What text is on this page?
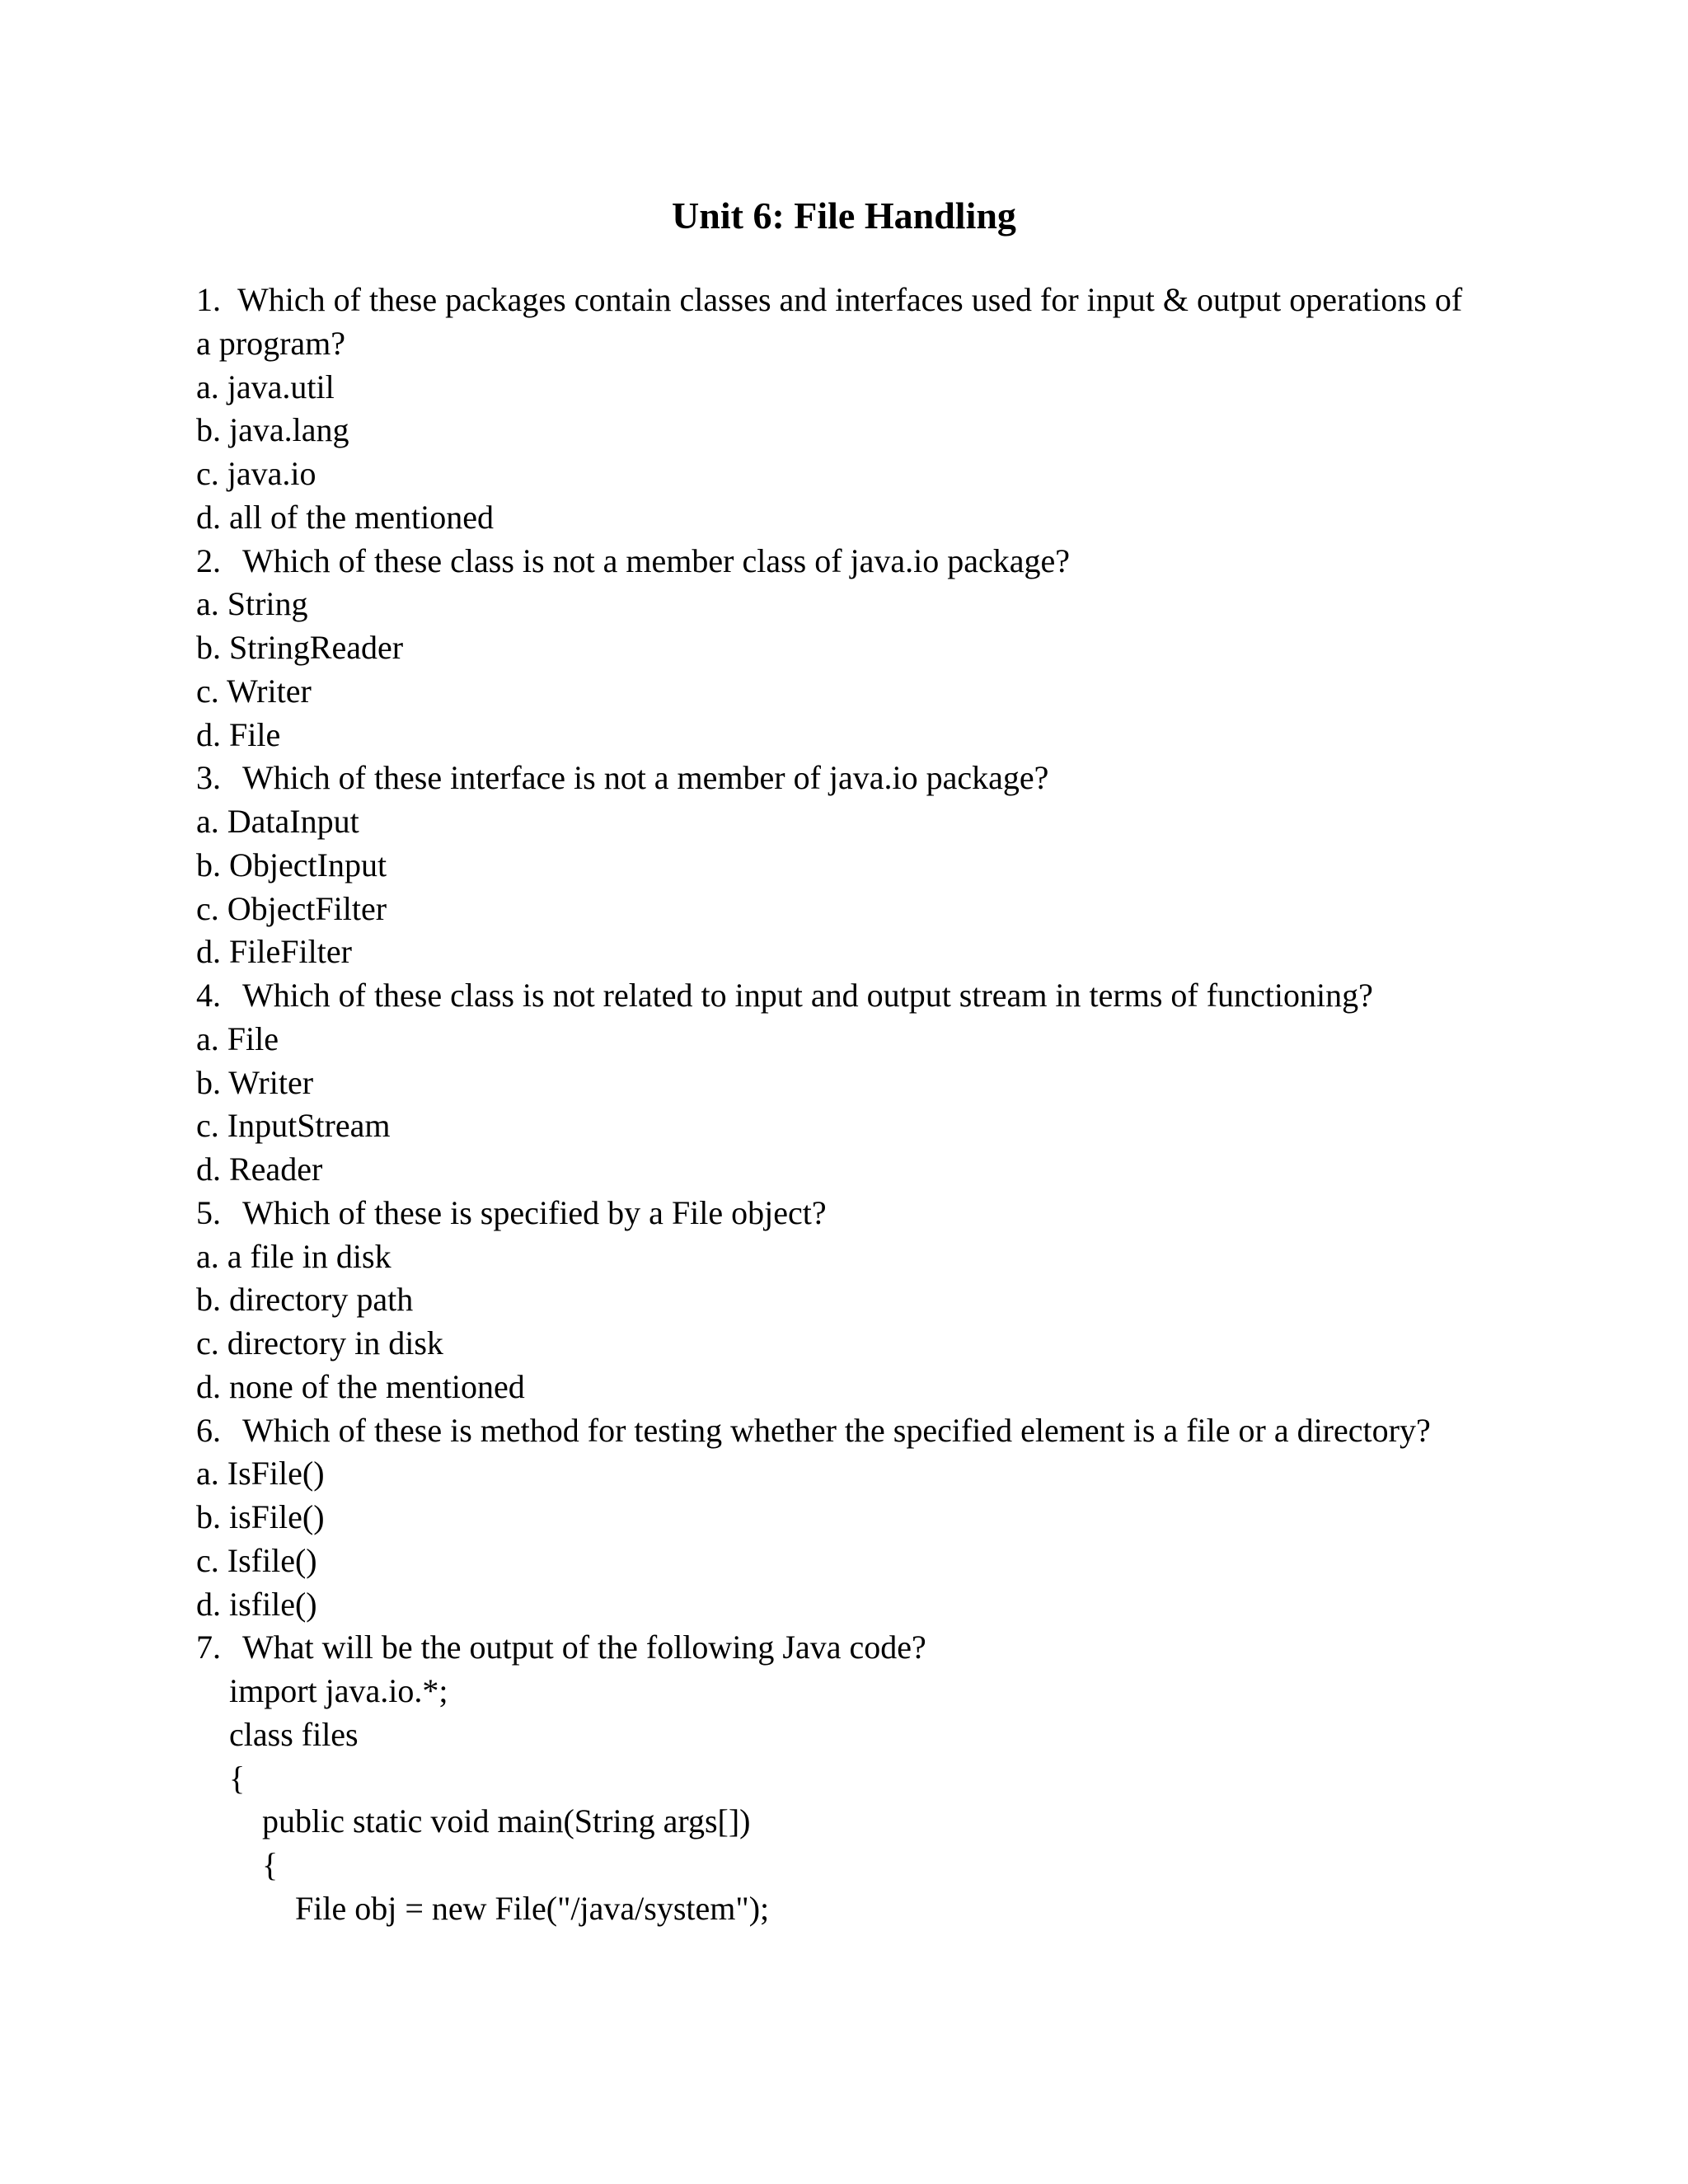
Unit 6: File Handling
1. Which of these packages contain classes and interfaces used for input & output operations of
a program?
a. java.util
b. java.lang
c. java.io
d. all of the mentioned
2. Which of these class is not a member class of java.io package?
a. String
b. StringReader
c. Writer
d. File
3. Which of these interface is not a member of java.io package?
a. DataInput
b. ObjectInput
c. ObjectFilter
d. FileFilter
4. Which of these class is not related to input and output stream in terms of functioning?
a. File
b. Writer
c. InputStream
d. Reader
5. Which of these is specified by a File object?
a. a file in disk
b. directory path
c. directory in disk
d. none of the mentioned
6. Which of these is method for testing whether the specified element is a file or a directory?
a. IsFile()
b. isFile()
c. Isfile()
d. isfile()
7. What will be the output of the following Java code?
import java.io.*;
class files
{
public static void main(String args[])
{
File obj = new File("/java/system");
